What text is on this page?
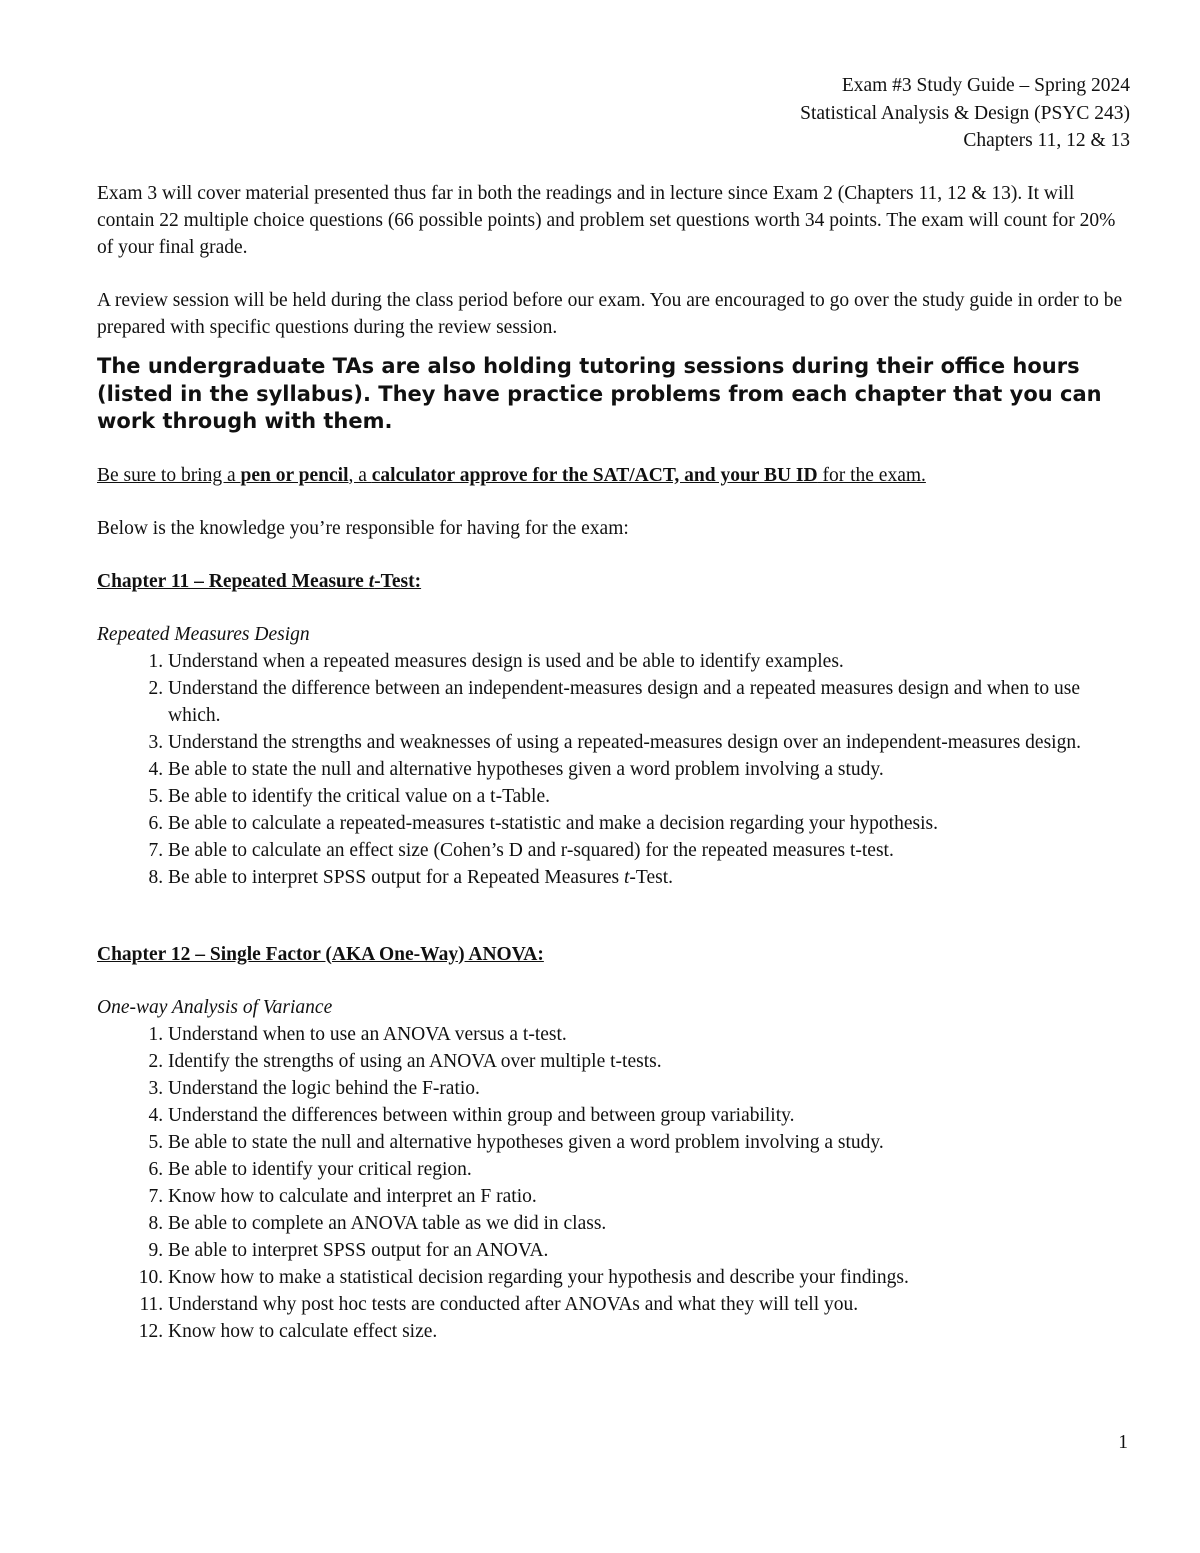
Exam #3 Study Guide – Spring 2024
Statistical Analysis & Design (PSYC 243)
Chapters 11, 12 & 13

Exam 3 will cover material presented thus far in both the readings and in lecture since Exam 2 (Chapters 11, 12 & 13). It will contain 22 multiple choice questions (66 possible points) and problem set questions worth 34 points. The exam will count for 20% of your final grade.

A review session will be held during the class period before our exam. You are encouraged to go over the study guide in order to be prepared with specific questions during the review session.

The undergraduate TAs are also holding tutoring sessions during their office hours (listed in the syllabus). They have practice problems from each chapter that you can work through with them.

Be sure to bring a pen or pencil, a calculator approve for the SAT/ACT, and your BU ID for the exam.

Below is the knowledge you’re responsible for having for the exam:

Chapter 11 – Repeated Measure t-Test:

Repeated Measures Design

1. Understand when a repeated measures design is used and be able to identify examples.
2. Understand the difference between an independent-measures design and a repeated measures design and when to use which.
3. Understand the strengths and weaknesses of using a repeated-measures design over an independent-measures design.
4. Be able to state the null and alternative hypotheses given a word problem involving a study.
5. Be able to identify the critical value on a t-Table.
6. Be able to calculate a repeated-measures t-statistic and make a decision regarding your hypothesis.
7. Be able to calculate an effect size (Cohen’s D and r-squared) for the repeated measures t-test.
8. Be able to interpret SPSS output for a Repeated Measures t-Test.

Chapter 12 – Single Factor (AKA One-Way) ANOVA:

One-way Analysis of Variance

1. Understand when to use an ANOVA versus a t-test.
2. Identify the strengths of using an ANOVA over multiple t-tests.
3. Understand the logic behind the F-ratio.
4. Understand the differences between within group and between group variability.
5. Be able to state the null and alternative hypotheses given a word problem involving a study.
6. Be able to identify your critical region.
7. Know how to calculate and interpret an F ratio.
8. Be able to complete an ANOVA table as we did in class.
9. Be able to interpret SPSS output for an ANOVA.
10. Know how to make a statistical decision regarding your hypothesis and describe your findings.
11. Understand why post hoc tests are conducted after ANOVAs and what they will tell you.
12. Know how to calculate effect size.
1
